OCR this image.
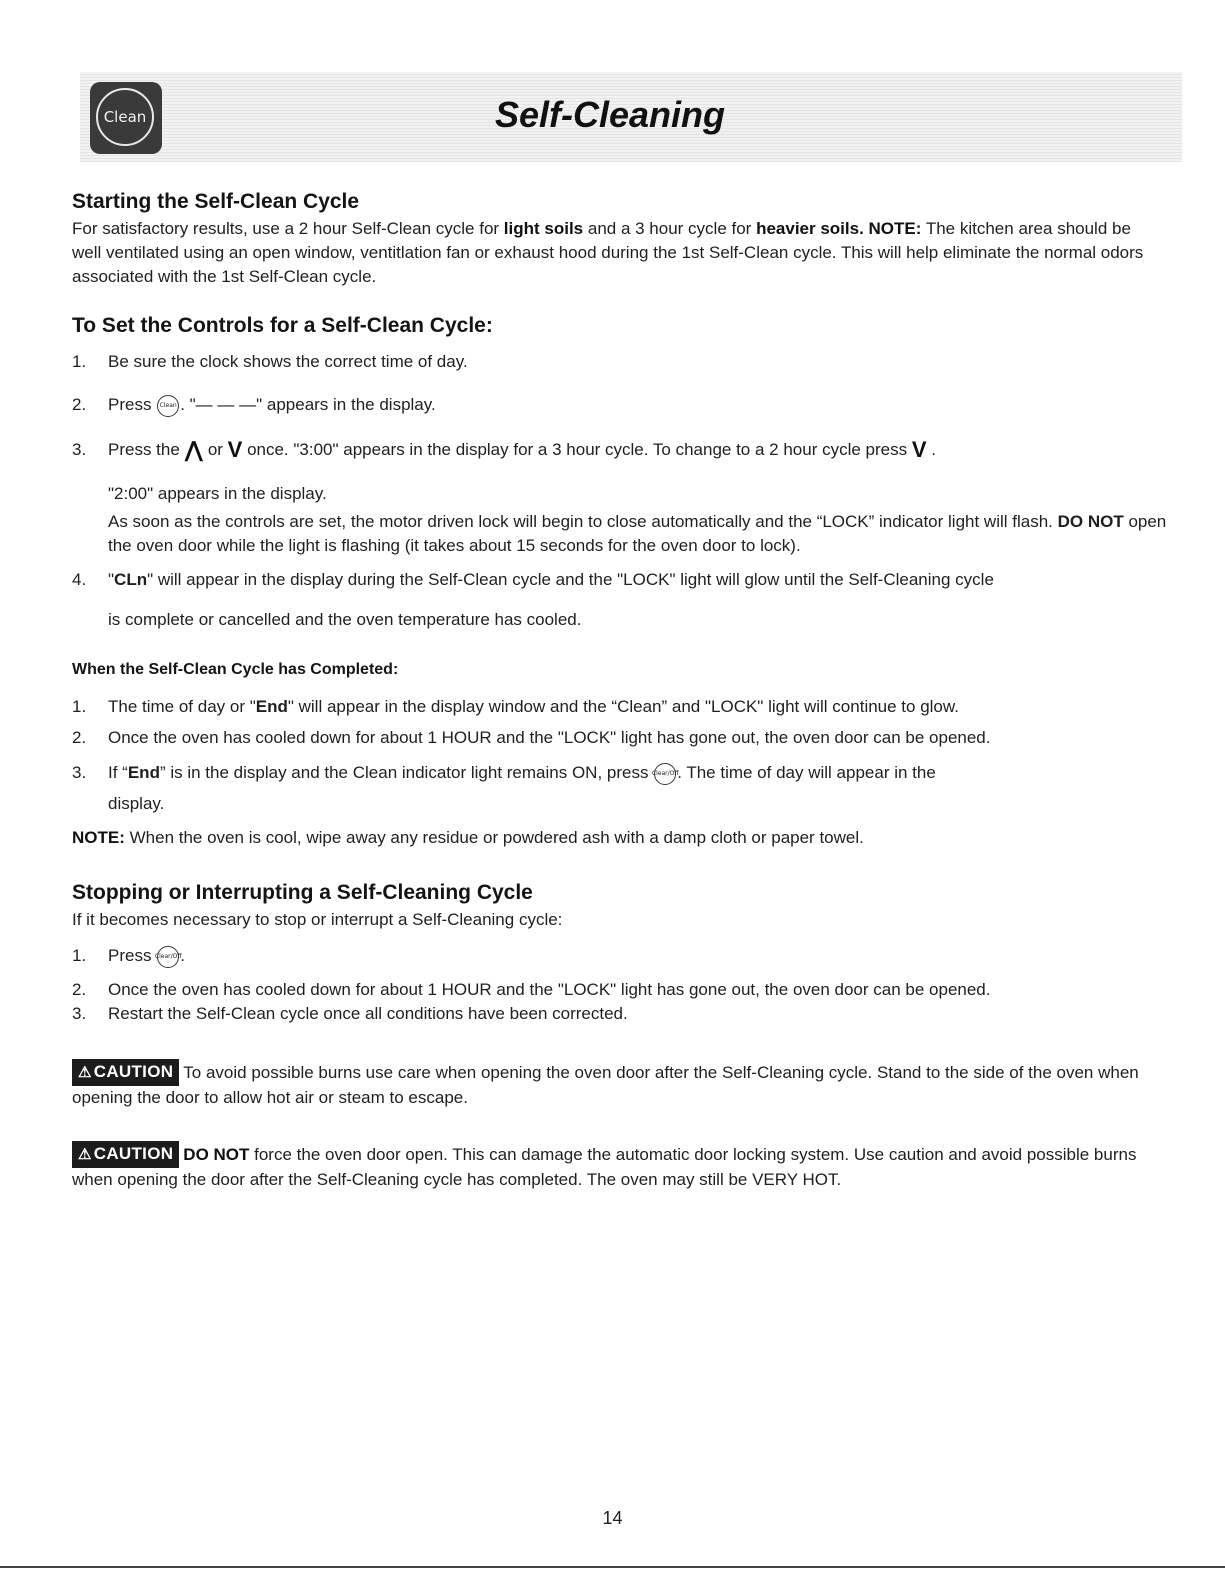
Clean	Self-Cleaning
Starting the Self-Clean Cycle
For satisfactory results, use a 2 hour Self-Clean cycle for light soils and a 3 hour cycle for heavier soils. NOTE: The kitchen area should be well ventilated using an open window, ventitlation fan or exhaust hood during the 1st Self-Clean cycle. This will help eliminate the normal odors associated with the 1st Self-Clean cycle.
To Set the Controls for a Self-Clean Cycle:
1.	Be sure the clock shows the correct time of day.
2.	Press Clean . "— — —" appears in the display.
3.	Press the ⋀ or V once. "3:00" appears in the display for a 3 hour cycle. To change to a 2 hour cycle press V .
"2:00" appears in the display.
As soon as the controls are set, the motor driven lock will begin to close automatically and the “LOCK” indicator light will flash. DO NOT open the oven door while the light is flashing (it takes about 15 seconds for the oven door to lock).
4.	"CLn" will appear in the display during the Self-Clean cycle and the "LOCK" light will glow until the Self-Cleaning cycle
is complete or cancelled and the oven temperature has cooled.
When the Self-Clean Cycle has Completed:
1.	The time of day or "End" will appear in the display window and the “Clean” and "LOCK" light will continue to glow.
2.	Once the oven has cooled down for about 1 HOUR and the "LOCK" light has gone out, the oven door can be opened.
3.	If “End” is in the display and the Clean indicator light remains ON, press
Clear /Off
. The time of day will appear in the
display.
NOTE: When the oven is cool, wipe away any residue or powdered ash with a damp cloth or paper towel.
Stopping or Interrupting a Self-Cleaning Cycle
If it becomes necessary to stop or interrupt a Self-Cleaning cycle:
1.	Press
Clear /Off
.
2.	Once the oven has cooled down for about 1 HOUR and the "LOCK" light has gone out, the oven door can be opened.
3.	Restart the Self-Clean cycle once all conditions have been corrected.
⚠ CAUTION To avoid possible burns use care when opening the oven door after the Self-Cleaning cycle. Stand to the side of the oven when opening the door to allow hot air or steam to escape.
⚠ CAUTION DO NOT force the oven door open. This can damage the automatic door locking system. Use caution and avoid possible burns when opening the door after the Self-Cleaning cycle has completed. The oven may still be VERY HOT.
14
